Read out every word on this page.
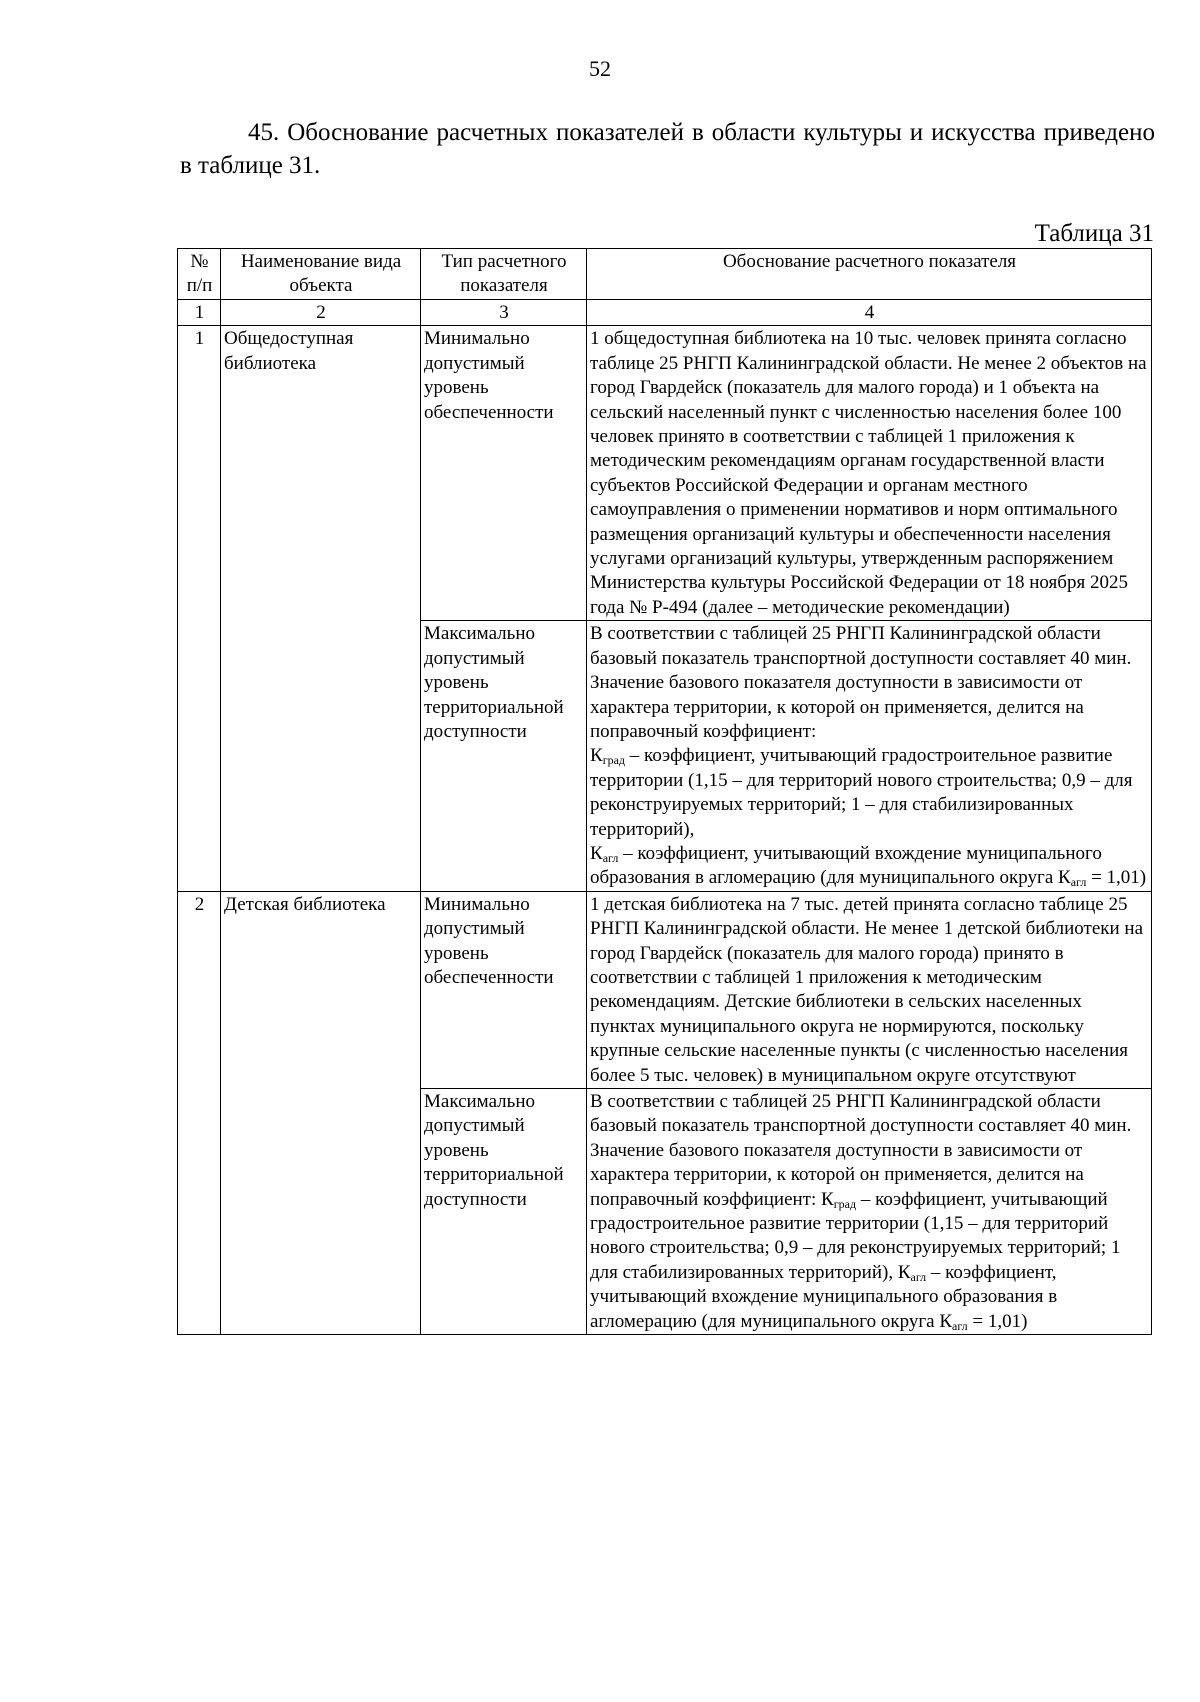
52
45. Обоснование расчетных показателей в области культуры и искусства приведено в таблице 31.
Таблица 31
№ п/п	Наименование вида объекта	Тип расчетного показателя	Обоснование расчетного показателя
1	2	3	4
1	Общедоступная библиотека	Минимально допустимый уровень обеспеченности	1 общедоступная библиотека на 10 тыс. человек принята согласно таблице 25 РНГП Калининградской области. Не менее 2 объектов на город Гвардейск (показатель для малого города) и 1 объекта на сельский населенный пункт с численностью населения более 100 человек принято в соответствии с таблицей 1 приложения к методическим рекомендациям органам государственной власти субъектов Российской Федерации и органам местного самоуправления о применении нормативов и норм оптимального размещения организаций культуры и обеспеченности населения услугами организаций культуры, утвержденным распоряжением Министерства культуры Российской Федерации от 18 ноября 2025 года № Р-494 (далее – методические рекомендации)
		Максимально допустимый уровень территориальной доступности	В соответствии с таблицей 25 РНГП Калининградской области базовый показатель транспортной доступности составляет 40 мин.
Значение базового показателя доступности в зависимости от характера территории, к которой он применяется, делится на поправочный коэффициент:
$К_{град}$ – коэффициент, учитывающий градостроительное развитие территории (1,15 – для территорий нового строительства; 0,9 – для реконструируемых территорий; 1 – для стабилизированных территорий),
$К_{агл}$ – коэффициент, учитывающий вхождение муниципального образования в агломерацию (для муниципального округа $К_{агл} = 1,01$)

2	Детская библиотека	Минимально допустимый уровень обеспеченности	1 детская библиотека на 7 тыс. детей принята согласно таблице 25 РНГП Калининградской области. Не менее 1 детской библиотеки на город Гвардейск (показатель для малого города) принято в соответствии с таблицей 1 приложения к методическим рекомендациям. Детские библиотеки в сельских населенных пунктах муниципального округа не нормируются, поскольку крупные сельские населенные пункты (с численностью населения более 5 тыс. человек) в муниципальном округе отсутствуют
		Максимально допустимый уровень территориальной доступности	В соответствии с таблицей 25 РНГП Калининградской области базовый показатель транспортной доступности составляет 40 мин. Значение базового показателя доступности в зависимости от характера территории, к которой он применяется, делится на поправочный коэффициент: $К_{град}$ – коэффициент, учитывающий градостроительное развитие территории (1,15 – для территорий нового строительства; 0,9 – для реконструируемых территорий; 1 для стабилизированных территорий), $К_{агл}$ – коэффициент, учитывающий вхождение муниципального образования в агломерацию (для муниципального округа $К_{агл} = 1,01$)
